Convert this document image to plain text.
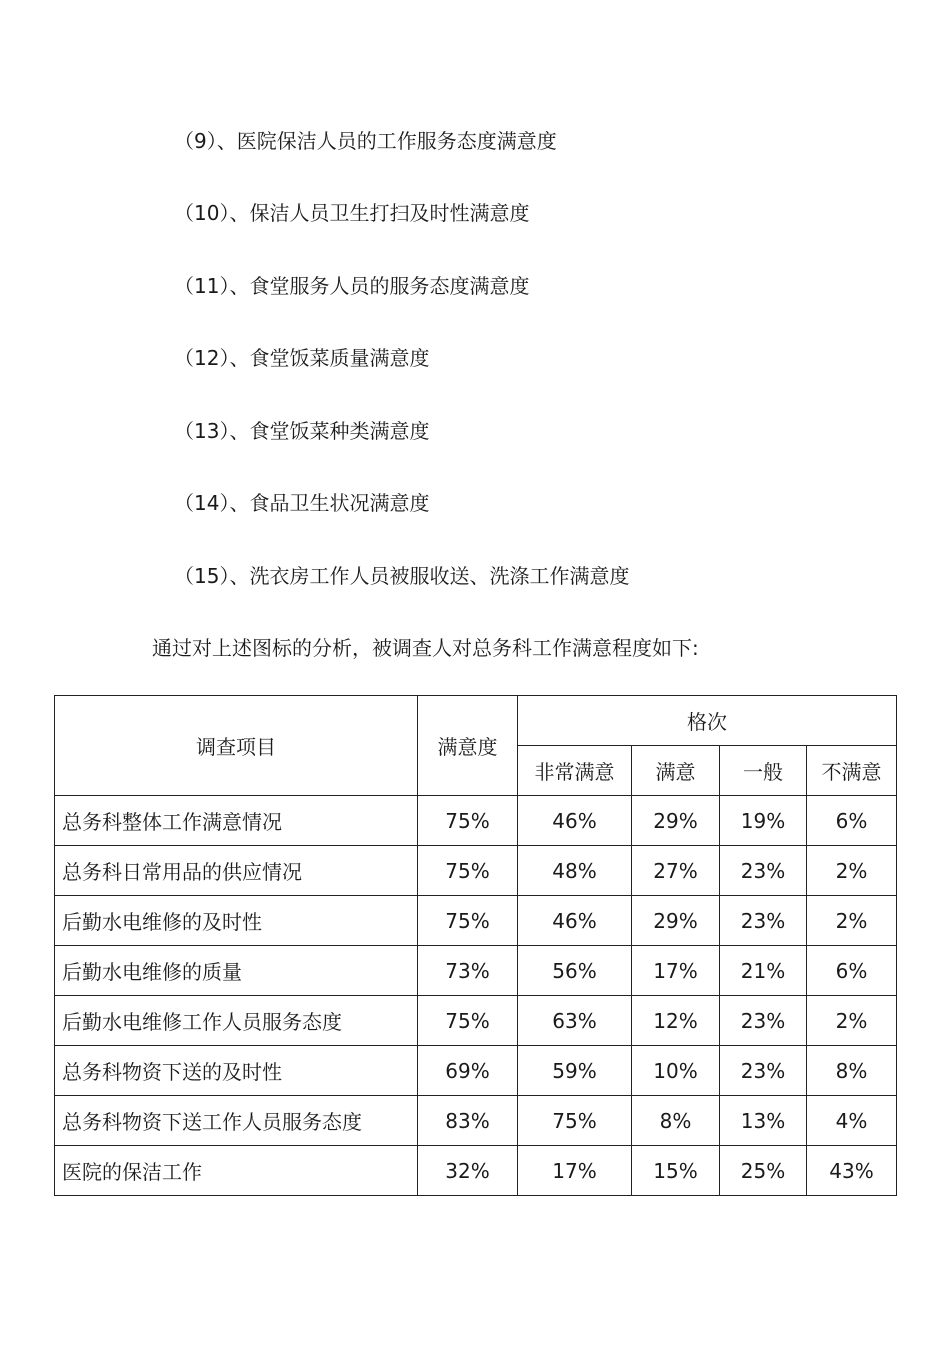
（9）、医院保洁人员的工作服务态度满意度
（10）、保洁人员卫生打扫及时性满意度
（11）、食堂服务人员的服务态度满意度
（12）、食堂饭菜质量满意度
（13）、食堂饭菜种类满意度
（14）、食品卫生状况满意度
（15）、洗衣房工作人员被服收送、洗涤工作满意度
通过对上述图标的分析，被调查人对总务科工作满意程度如下:
调查项目	满意度	格次			
		非常满意	满意	一般	不满意
总务科整体工作满意情况	75%	46%	29%	19%	6%
总务科日常用品的供应情况	75%	48%	27%	23%	2%
后勤水电维修的及时性	75%	46%	29%	23%	2%
后勤水电维修的质量	73%	56%	17%	21%	6%
后勤水电维修工作人员服务态度	75%	63%	12%	23%	2%
总务科物资下送的及时性	69%	59%	10%	23%	8%
总务科物资下送工作人员服务态度	83%	75%	8%	13%	4%
医院的保洁工作	32%	17%	15%	25%	43%
